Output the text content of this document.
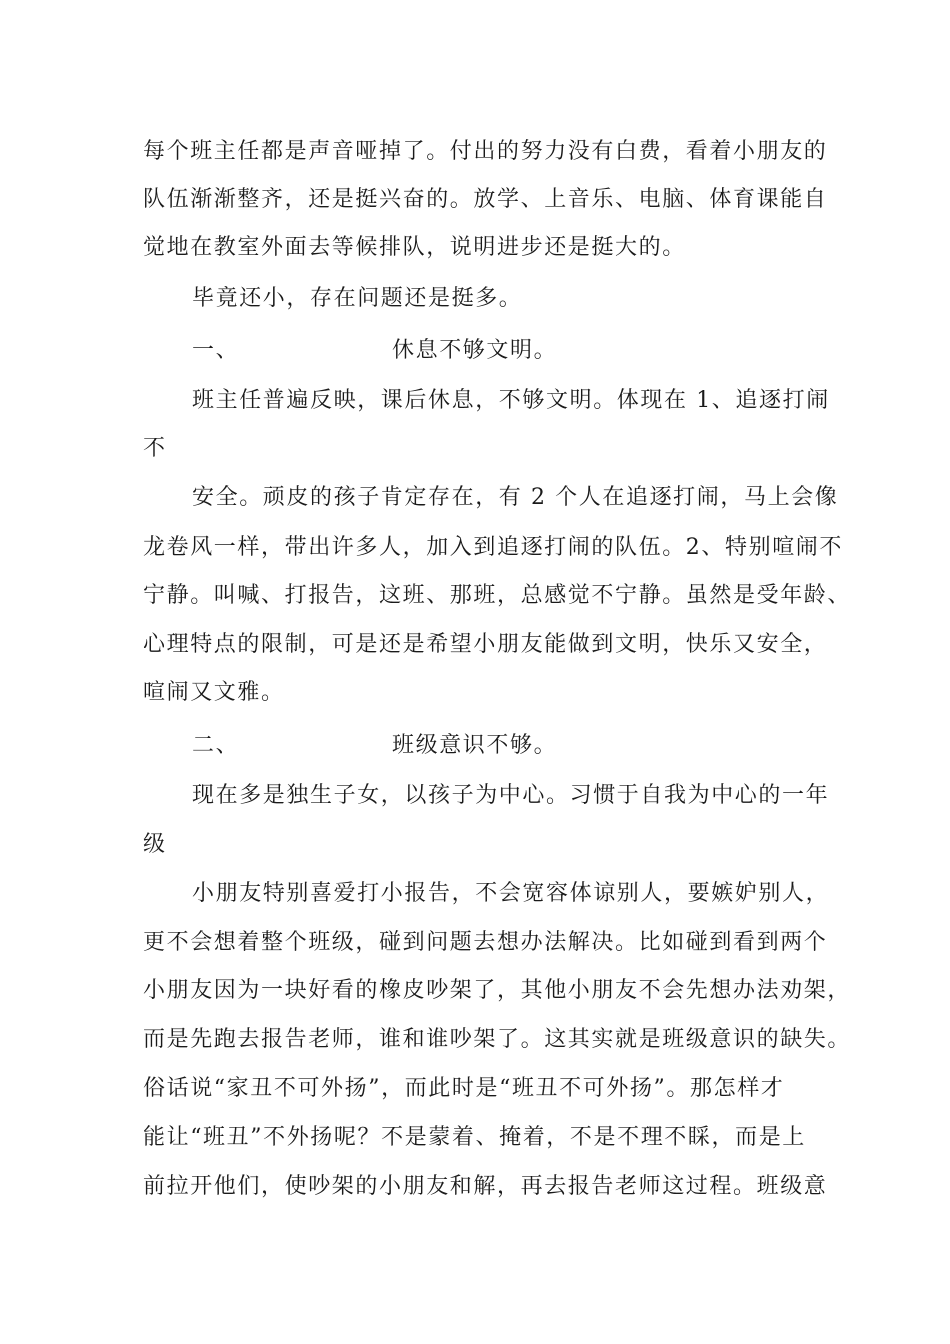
每个班主任都是声音哑掉了。付出的努力没有白费，看着小朋友的
队伍渐渐整齐，还是挺兴奋的。放学、上音乐、电脑、体育课能自
觉地在教室外面去等候排队，说明进步还是挺大的。
毕竟还小，存在问题还是挺多。
一、	休息不够文明。
班主任普遍反映，课后休息，不够文明。体现在 1、追逐打闹
不
安全。顽皮的孩子肯定存在，有 2 个人在追逐打闹，马上会像
龙卷风一样，带出许多人，加入到追逐打闹的队伍。2、特别喧闹不
宁静。叫喊、打报告，这班、那班，总感觉不宁静。虽然是受年龄、
心理特点的限制，可是还是希望小朋友能做到文明，快乐又安全，
喧闹又文雅。
二、	班级意识不够。
现在多是独生子女，以孩子为中心。习惯于自我为中心的一年
级
小朋友特别喜爱打小报告，不会宽容体谅别人，要嫉妒别人，
更不会想着整个班级，碰到问题去想办法解决。比如碰到看到两个
小朋友因为一块好看的橡皮吵架了，其他小朋友不会先想办法劝架，
而是先跑去报告老师，谁和谁吵架了。这其实就是班级意识的缺失。
俗话说“家丑不可外扬”，而此时是“班丑不可外扬”。那怎样才
能让“班丑”不外扬呢？不是蒙着、掩着，不是不理不睬，而是上
前拉开他们，使吵架的小朋友和解，再去报告老师这过程。班级意
